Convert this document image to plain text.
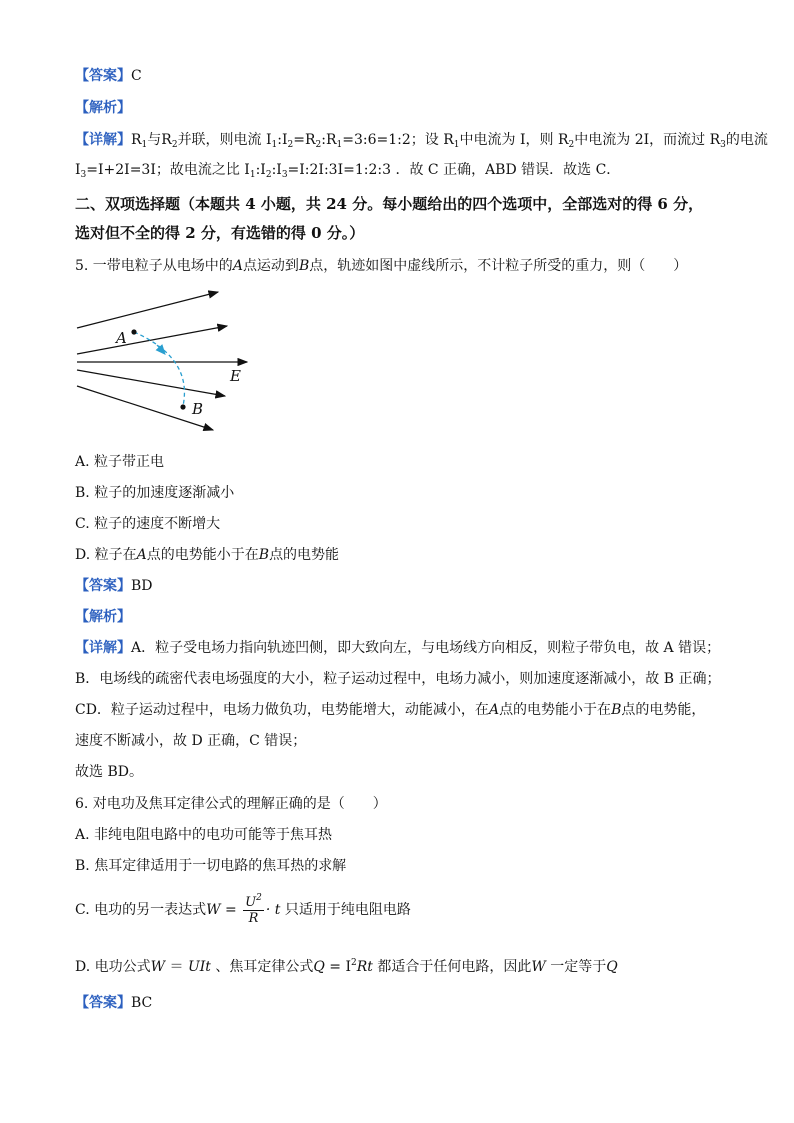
【答案】C
【解析】
【详解】$R_1$与$R_2$并联，则电流 $I_1:I_2=R_2:R_1=3:6=1:2$；设 $R_1$中电流为 I，则 $R_2$中电流为 2I，而流过 $R_3$的电流
$I_3=I+2I=3I$；故电流之比 $I_1:I_2:I_3=I:2I:3I=1:2:3$ ．故 C 正确，ABD 错误．故选 C．
二、双项选择题（本题共 4 小题，共 24 分。每小题给出的四个选项中，全部选对的得 6 分，
选对但不全的得 2 分，有选错的得 0 分。）
5. 一带电粒子从电场中的A点运动到B点，轨迹如图中虚线所示，不计粒子所受的重力，则（　　）
A
B
E
A. 粒子带正电
B. 粒子的加速度逐渐减小
C. 粒子的速度不断增大
D. 粒子在A点的电势能小于在B点的电势能
【答案】BD
【解析】
【详解】A．粒子受电场力指向轨迹凹侧，即大致向左，与电场线方向相反，则粒子带负电，故 A 错误；
B．电场线的疏密代表电场强度的大小，粒子运动过程中，电场力减小，则加速度逐渐减小，故 B 正确；
CD．粒子运动过程中，电场力做负功，电势能增大，动能减小，在A点的电势能小于在B点的电势能，
速度不断减小，故 D 正确，C 错误；
故选 BD。
6. 对电功及焦耳定律公式的理解正确的是（　　）
A. 非纯电阻电路中的电功可能等于焦耳热
B. 焦耳定律适用于一切电路的焦耳热的求解
C. 电功的另一表达式$W = \frac{U^2}{R} \cdot t$ 只适用于纯电阻电路
D. 电功公式W ＝ UIt 、焦耳定律公式$Q = I^2Rt$ 都适合于任何电路，因此W 一定等于Q
【答案】BC
